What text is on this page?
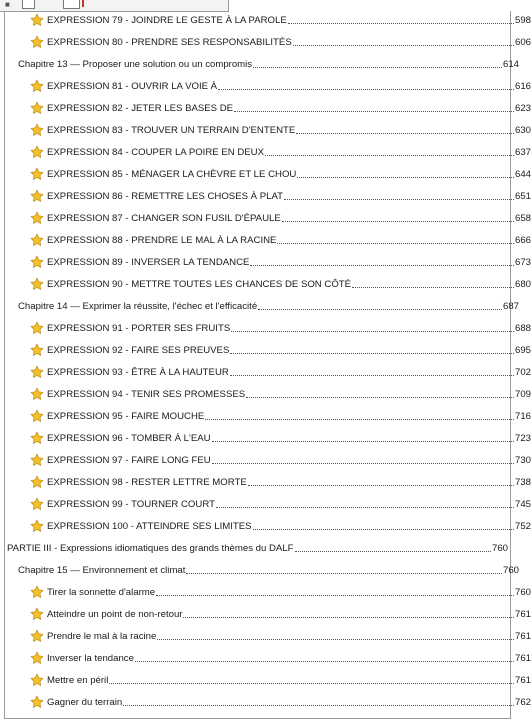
■
EXPRESSION 79 - JOINDRE LE GESTE À LA PAROLE	598
EXPRESSION 80 - PRENDRE SES RESPONSABILITÉS	606
Chapitre 13 — Proposer une solution ou un compromis	614
EXPRESSION 81 - OUVRIR LA VOIE À	616
EXPRESSION 82 - JETER LES BASES DE	623
EXPRESSION 83 - TROUVER UN TERRAIN D'ENTENTE	630
EXPRESSION 84 - COUPER LA POIRE EN DEUX	637
EXPRESSION 85 - MÉNAGER LA CHÈVRE ET LE CHOU	644
EXPRESSION 86 - REMETTRE LES CHOSES À PLAT	651
EXPRESSION 87 - CHANGER SON FUSIL D'ÉPAULE	658
EXPRESSION 88 - PRENDRE LE MAL À LA RACINE	666
EXPRESSION 89 - INVERSER LA TENDANCE	673
EXPRESSION 90 - METTRE TOUTES LES CHANCES DE SON CÔTÉ	680
Chapitre 14 — Exprimer la réussite, l'échec et l'efficacité	687
EXPRESSION 91 - PORTER SES FRUITS	688
EXPRESSION 92 - FAIRE SES PREUVES	695
EXPRESSION 93 - ÊTRE À LA HAUTEUR	702
EXPRESSION 94 - TENIR SES PROMESSES	709
EXPRESSION 95 - FAIRE MOUCHE	716
EXPRESSION 96 - TOMBER À L'EAU	723
EXPRESSION 97 - FAIRE LONG FEU	730
EXPRESSION 98 - RESTER LETTRE MORTE	738
EXPRESSION 99 - TOURNER COURT	745
EXPRESSION 100 - ATTEINDRE SES LIMITES	752
PARTIE III - Expressions idiomatiques des grands thèmes du DALF	760
Chapitre 15 — Environnement et climat	760
Tirer la sonnette d'alarme	760
Atteindre un point de non-retour	761
Prendre le mal à la racine	761
Inverser la tendance	761
Mettre en péril	761
Gagner du terrain	762
